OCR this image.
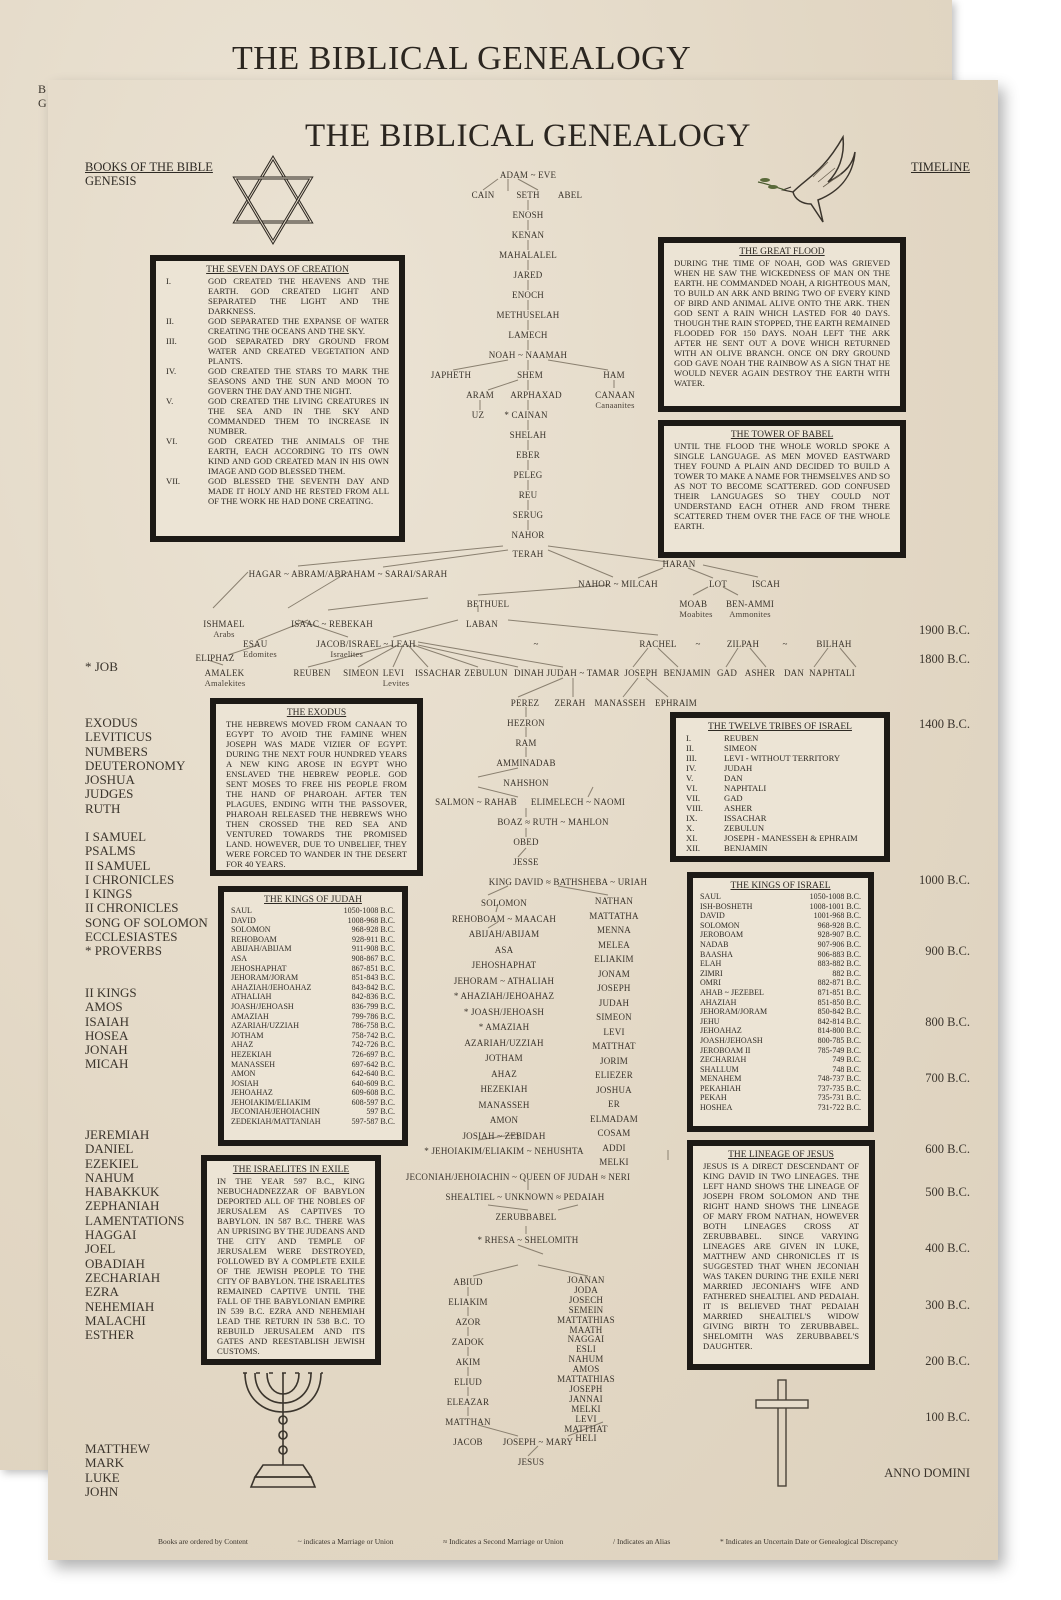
THE BIBLICAL GENEALOGY
B
G
THE BIBLICAL GENEALOGY
BOOKS OF THE BIBLE
GENESIS
TIMELINE
ADAM ~ EVE
CAIN SETH ABEL
ENOSH
KENAN
MAHALALEL
JARED
ENOCH
METHUSELAH
LAMECH
NOAH ~ NAAMAH
JAPHETH	SHEM	HAM
ARAM ARPHAXAD	CANAAN
Canaanites
UZ * CAINAN
SHELAH
EBER
PELEG
REU
SERUG
NAHOR
TERAH
HAGAR ~ ABRAM/ABRAHAM ~ SARAI/SARAH
HARAN
NAHOR ~ MILCAH	LOT	ISCAH
BETHUEL	MOAB
Moabites
BEN-AMMI
Ammonites
ISHMAEL
Arabs
ISAAC ~ REBEKAH	LABAN
ESAU
Edomites
JACOB/ISRAEL ~ LEAH
Israelites
~	RACHEL ~	ZILPAH	~	BILHAH
ELIPHAZ
AMALEK
Amalekites
REUBEN SIMEON LEVI
Levites
ISSACHAR ZEBULUN DINAH JUDAH ~ TAMAR JOSEPH BENJAMIN GAD ASHER DAN NAPHTALI
PEREZ ZERAH MANASSEH EPHRAIM
HEZRON
RAM
AMMINADAB
NAHSHON
SALMON ~ RAHAB ELIMELECH ~ NAOMI
BOAZ ≈ RUTH ~ MAHLON
OBED
JESSE
KING DAVID ≈ BATHSHEBA ~ URIAH
SOLOMON
REHOBOAM ~ MAACAH
ABIJAH/ABIJAM
ASA
JEHOSHAPHAT
JEHORAM ~ ATHALIAH
* AHAZIAH/JEHOAHAZ
* JOASH/JEHOASH
* AMAZIAH
AZARIAH/UZZIAH
JOTHAM
AHAZ
HEZEKIAH
MANASSEH
AMON
JOSIAH ~ ZEBIDAH
* JEHOIAKIM/ELIAKIM ~ NEHUSHTA
NATHAN
MATTATHA
MENNA
MELEA
ELIAKIM
JONAM
JOSEPH
JUDAH
SIMEON
LEVI
MATTHAT
JORIM
ELIEZER
JOSHUA
ER
ELMADAM
COSAM
ADDI
MELKI
JECONIAH/JEHOIACHIN ~ QUEEN OF JUDAH ≈ NERI
SHEALTIEL ~ UNKNOWN ≈ PEDAIAH
ZERUBBABEL
* RHESA ~ SHELOMITH
ABIUD
ELIAKIM
AZOR
ZADOK
AKIM
ELIUD
ELEAZAR
MATTHAN
JACOB
JOANAN
JODA
JOSECH
SEMEIN
MATTATHIAS
MAATH
NAGGAI
ESLI
NAHUM
AMOS
MATTATHIAS
JOSEPH
JANNAI
MELKI
LEVI
MATTHAT
HELI
JOSEPH ~ MARY
JESUS
* JOB
EXODUS
LEVITICUS
NUMBERS
DEUTERONOMY
JOSHUA
JUDGES
RUTH
I SAMUEL
PSALMS
II SAMUEL
I CHRONICLES
I KINGS
II CHRONICLES
SONG OF SOLOMON
ECCLESIASTES
* PROVERBS
II KINGS
AMOS
ISAIAH
HOSEA
JONAH
MICAH
JEREMIAH
DANIEL
EZEKIEL
NAHUM
HABAKKUK
ZEPHANIAH
LAMENTATIONS
HAGGAI
JOEL
OBADIAH
ZECHARIAH
EZRA
NEHEMIAH
MALACHI
ESTHER
MATTHEW
MARK
LUKE
JOHN
ANNO DOMINI
THE SEVEN DAYS OF CREATION
I.	GOD CREATED THE HEAVENS AND THE EARTH. GOD CREATED LIGHT AND SEPARATED THE LIGHT AND THE DARKNESS.
II.	GOD SEPARATED THE EXPANSE OF WATER CREATING THE OCEANS AND THE SKY.
III.	GOD SEPARATED DRY GROUND FROM WATER AND CREATED VEGETATION AND PLANTS.
IV.	GOD CREATED THE STARS TO MARK THE SEASONS AND THE SUN AND MOON TO GOVERN THE DAY AND THE NIGHT.
V.	GOD CREATED THE LIVING CREATURES IN THE SEA AND IN THE SKY AND COMMANDED THEM TO INCREASE IN NUMBER.
VI.	GOD CREATED THE ANIMALS OF THE EARTH, EACH ACCORDING TO ITS OWN KIND AND GOD CREATED MAN IN HIS OWN IMAGE AND GOD BLESSED THEM.
VII.	GOD BLESSED THE SEVENTH DAY AND MADE IT HOLY AND HE RESTED FROM ALL OF THE WORK HE HAD DONE CREATING.
THE GREAT FLOOD
DURING THE TIME OF NOAH, GOD WAS GRIEVED WHEN HE SAW THE WICKEDNESS OF MAN ON THE EARTH. HE COMMANDED NOAH, A RIGHTEOUS MAN, TO BUILD AN ARK AND BRING TWO OF EVERY KIND OF BIRD AND ANIMAL ALIVE ONTO THE ARK. THEN GOD SENT A RAIN WHICH LASTED FOR 40 DAYS. THOUGH THE RAIN STOPPED, THE EARTH REMAINED FLOODED FOR 150 DAYS. NOAH LEFT THE ARK AFTER HE SENT OUT A DOVE WHICH RETURNED WITH AN OLIVE BRANCH. ONCE ON DRY GROUND GOD GAVE NOAH THE RAINBOW AS A SIGN THAT HE WOULD NEVER AGAIN DESTROY THE EARTH WITH WATER.
THE TOWER OF BABEL
UNTIL THE FLOOD THE WHOLE WORLD SPOKE A SINGLE LANGUAGE. AS MEN MOVED EASTWARD THEY FOUND A PLAIN AND DECIDED TO BUILD A TOWER TO MAKE A NAME FOR THEMSELVES AND SO AS NOT TO BECOME SCATTERED. GOD CONFUSED THEIR LANGUAGES SO THEY COULD NOT UNDERSTAND EACH OTHER AND FROM THERE SCATTERED THEM OVER THE FACE OF THE WHOLE EARTH.
THE EXODUS
THE HEBREWS MOVED FROM CANAAN TO EGYPT TO AVOID THE FAMINE WHEN JOSEPH WAS MADE VIZIER OF EGYPT. DURING THE NEXT FOUR HUNDRED YEARS A NEW KING AROSE IN EGYPT WHO ENSLAVED THE HEBREW PEOPLE. GOD SENT MOSES TO FREE HIS PEOPLE FROM THE HAND OF PHAROAH. AFTER TEN PLAGUES, ENDING WITH THE PASSOVER, PHAROAH RELEASED THE HEBREWS WHO THEN CROSSED THE RED SEA AND VENTURED TOWARDS THE PROMISED LAND. HOWEVER, DUE TO UNBELIEF, THEY WERE FORCED TO WANDER IN THE DESERT FOR 40 YEARS.
THE TWELVE TRIBES OF ISRAEL
I.	REUBEN
II.	SIMEON
III.	LEVI - WITHOUT TERRITORY
IV.	JUDAH
V.	DAN
VI.	NAPHTALI
VII.	GAD
VIII.	ASHER
IX.	ISSACHAR
X.	ZEBULUN
XI.	JOSEPH - MANESSEH & EPHRAIM
XII.	BENJAMIN
THE KINGS OF JUDAH
SAUL	1050-1008 B.C.
DAVID	1008-968 B.C.
SOLOMON	968-928 B.C.
REHOBOAM	928-911 B.C.
ABIJAH/ABIJAM	911-908 B.C.
ASA	908-867 B.C.
JEHOSHAPHAT	867-851 B.C.
JEHORAM/JORAM	851-843 B.C.
AHAZIAH/JEHOAHAZ	843-842 B.C.
ATHALIAH	842-836 B.C.
JOASH/JEHOASH	836-799 B.C.
AMAZIAH	799-786 B.C.
AZARIAH/UZZIAH	786-758 B.C.
JOTHAM	758-742 B.C.
AHAZ	742-726 B.C.
HEZEKIAH	726-697 B.C.
MANASSEH	697-642 B.C.
AMON	642-640 B.C.
JOSIAH	640-609 B.C.
JEHOAHAZ	609-608 B.C.
JEHOIAKIM/ELIAKIM	608-597 B.C.
JECONIAH/JEHOIACHIN	597 B.C.
ZEDEKIAH/MATTANIAH	597-587 B.C.
THE KINGS OF ISRAEL
SAUL	1050-1008 B.C.
ISH-BOSHETH	1008-1001 B.C.
DAVID	1001-968 B.C.
SOLOMON	968-928 B.C.
JEROBOAM	928-907 B.C.
NADAB	907-906 B.C.
BAASHA	906-883 B.C.
ELAH	883-882 B.C.
ZIMRI	882 B.C.
OMRI	882-871 B.C.
AHAB ~ JEZEBEL	871-851 B.C.
AHAZIAH	851-850 B.C.
JEHORAM/JORAM	850-842 B.C.
JEHU	842-814 B.C.
JEHOAHAZ	814-800 B.C.
JOASH/JEHOASH	800-785 B.C.
JEROBOAM II	785-749 B.C.
ZECHARIAH	749 B.C.
SHALLUM	748 B.C.
MENAHEM	748-737 B.C.
PEKAHIAH	737-735 B.C.
PEKAH	735-731 B.C.
HOSHEA	731-722 B.C.
THE ISRAELITES IN EXILE
IN THE YEAR 597 B.C., KING NEBUCHADNEZZAR OF BABYLON DEPORTED ALL OF THE NOBLES OF JERUSALEM AS CAPTIVES TO BABYLON. IN 587 B.C. THERE WAS AN UPRISING BY THE JUDEANS AND THE CITY AND TEMPLE OF JERUSALEM WERE DESTROYED, FOLLOWED BY A COMPLETE EXILE OF THE JEWISH PEOPLE TO THE CITY OF BABYLON. THE ISRAELITES REMAINED CAPTIVE UNTIL THE FALL OF THE BABYLONIAN EMPIRE IN 539 B.C. EZRA AND NEHEMIAH LEAD THE RETURN IN 538 B.C. TO REBUILD JERUSALEM AND ITS GATES AND REESTABLISH JEWISH CUSTOMS.
THE LINEAGE OF JESUS
JESUS IS A DIRECT DESCENDANT OF KING DAVID IN TWO LINEAGES. THE LEFT HAND SHOWS THE LINEAGE OF JOSEPH FROM SOLOMON AND THE RIGHT HAND SHOWS THE LINEAGE OF MARY FROM NATHAN, HOWEVER BOTH LINEAGES CROSS AT ZERUBBABEL. SINCE VARYING LINEAGES ARE GIVEN IN LUKE, MATTHEW AND CHRONICLES IT IS SUGGESTED THAT WHEN JECONIAH WAS TAKEN DURING THE EXILE NERI MARRIED JECONIAH'S WIFE AND FATHERED SHEALTIEL AND PEDAIAH. IT IS BELIEVED THAT PEDAIAH MARRIED SHEALTIEL'S WIDOW GIVING BIRTH TO ZERUBBABEL. SHELOMITH WAS ZERUBBABEL'S DAUGHTER.
Books are ordered by Content	~ indicates a Marriage or Union	≈ Indicates a Second Marriage or Union	/ Indicates an Alias	* Indicates an Uncertain Date or Genealogical Discrepancy
1900 B.C.
1800 B.C.
1400 B.C.
1000 B.C.
900 B.C.
800 B.C.
700 B.C.
600 B.C.
500 B.C.
400 B.C.
300 B.C.
200 B.C.
100 B.C.
